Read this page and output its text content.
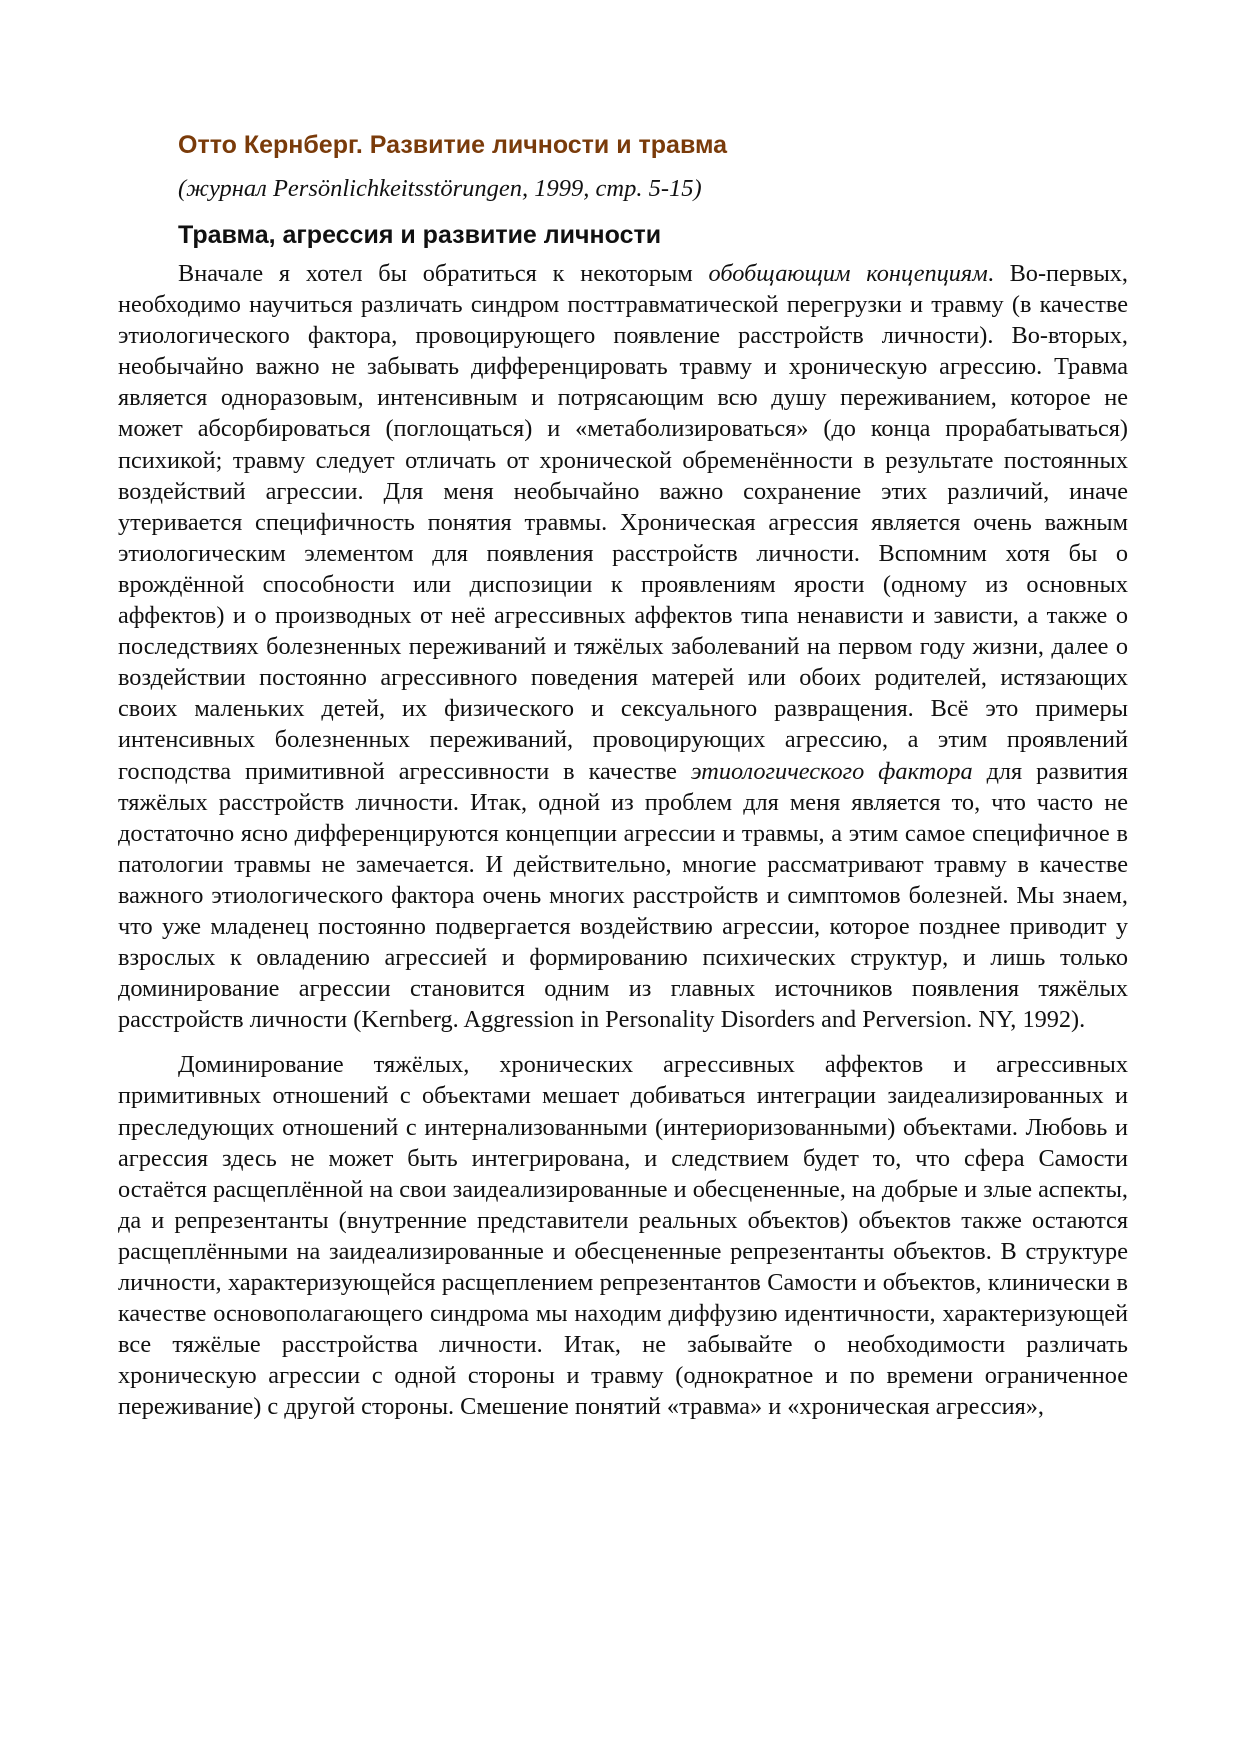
Отто Кернберг. Развитие личности и травма
(журнал Persönlichkeitsstörungen, 1999, стр. 5-15)
Травма, агрессия и развитие личности

Вначале я хотел бы обратиться к некоторым обобщающим концепциям. Во-первых, необходимо научиться различать синдром посттравматической перегрузки и травму (в качестве этиологического фактора, провоцирующего появление расстройств личности). Во-вторых, необычайно важно не забывать дифференцировать травму и хроническую агрессию. Травма является одноразовым, интенсивным и потрясающим всю душу переживанием, которое не может абсорбироваться (поглощаться) и «метаболизироваться» (до конца прорабатываться) психикой; травму следует отличать от хронической обременённости в результате постоянных воздействий агрессии. Для меня необычайно важно сохранение этих различий, иначе утеривается специфичность понятия травмы. Хроническая агрессия является очень важным этиологическим элементом для появления расстройств личности. Вспомним хотя бы о врождённой способности или диспозиции к проявлениям ярости (одному из основных аффектов) и о производных от неё агрессивных аффектов типа ненависти и зависти, а также о последствиях болезненных переживаний и тяжёлых заболеваний на первом году жизни, далее о воздействии постоянно агрессивного поведения матерей или обоих родителей, истязающих своих маленьких детей, их физического и сексуального развращения. Всё это примеры интенсивных болезненных переживаний, провоцирующих агрессию, а этим проявлений господства примитивной агрессивности в качестве этиологического фактора для развития тяжёлых расстройств личности. Итак, одной из проблем для меня является то, что часто не достаточно ясно дифференцируются концепции агрессии и травмы, а этим самое специфичное в патологии травмы не замечается. И действительно, многие рассматривают травму в качестве важного этиологического фактора очень многих расстройств и симптомов болезней. Мы знаем, что уже младенец постоянно подвергается воздействию агрессии, которое позднее приводит у взрослых к овладению агрессией и формированию психических структур, и лишь только доминирование агрессии становится одним из главных источников появления тяжёлых расстройств личности (Kernberg. Aggression in Personality Disorders and Perversion. NY, 1992).

Доминирование тяжёлых, хронических агрессивных аффектов и агрессивных примитивных отношений с объектами мешает добиваться интеграции заидеализированных и преследующих отношений с интернализованными (интериоризованными) объектами. Любовь и агрессия здесь не может быть интегрирована, и следствием будет то, что сфера Самости остаётся расщеплённой на свои заидеализированные и обесцененные, на добрые и злые аспекты, да и репрезентанты (внутренние представители реальных объектов) объектов также остаются расщеплёнными на заидеализированные и обесцененные репрезентанты объектов. В структуре личности, характеризующейся расщеплением репрезентантов Самости и объектов, клинически в качестве основополагающего синдрома мы находим диффузию идентичности, характеризующей все тяжёлые расстройства личности. Итак, не забывайте о необходимости различать хроническую агрессии с одной стороны и травму (однократное и по времени ограниченное переживание) с другой стороны. Смешение понятий «травма» и «хроническая агрессия»,
